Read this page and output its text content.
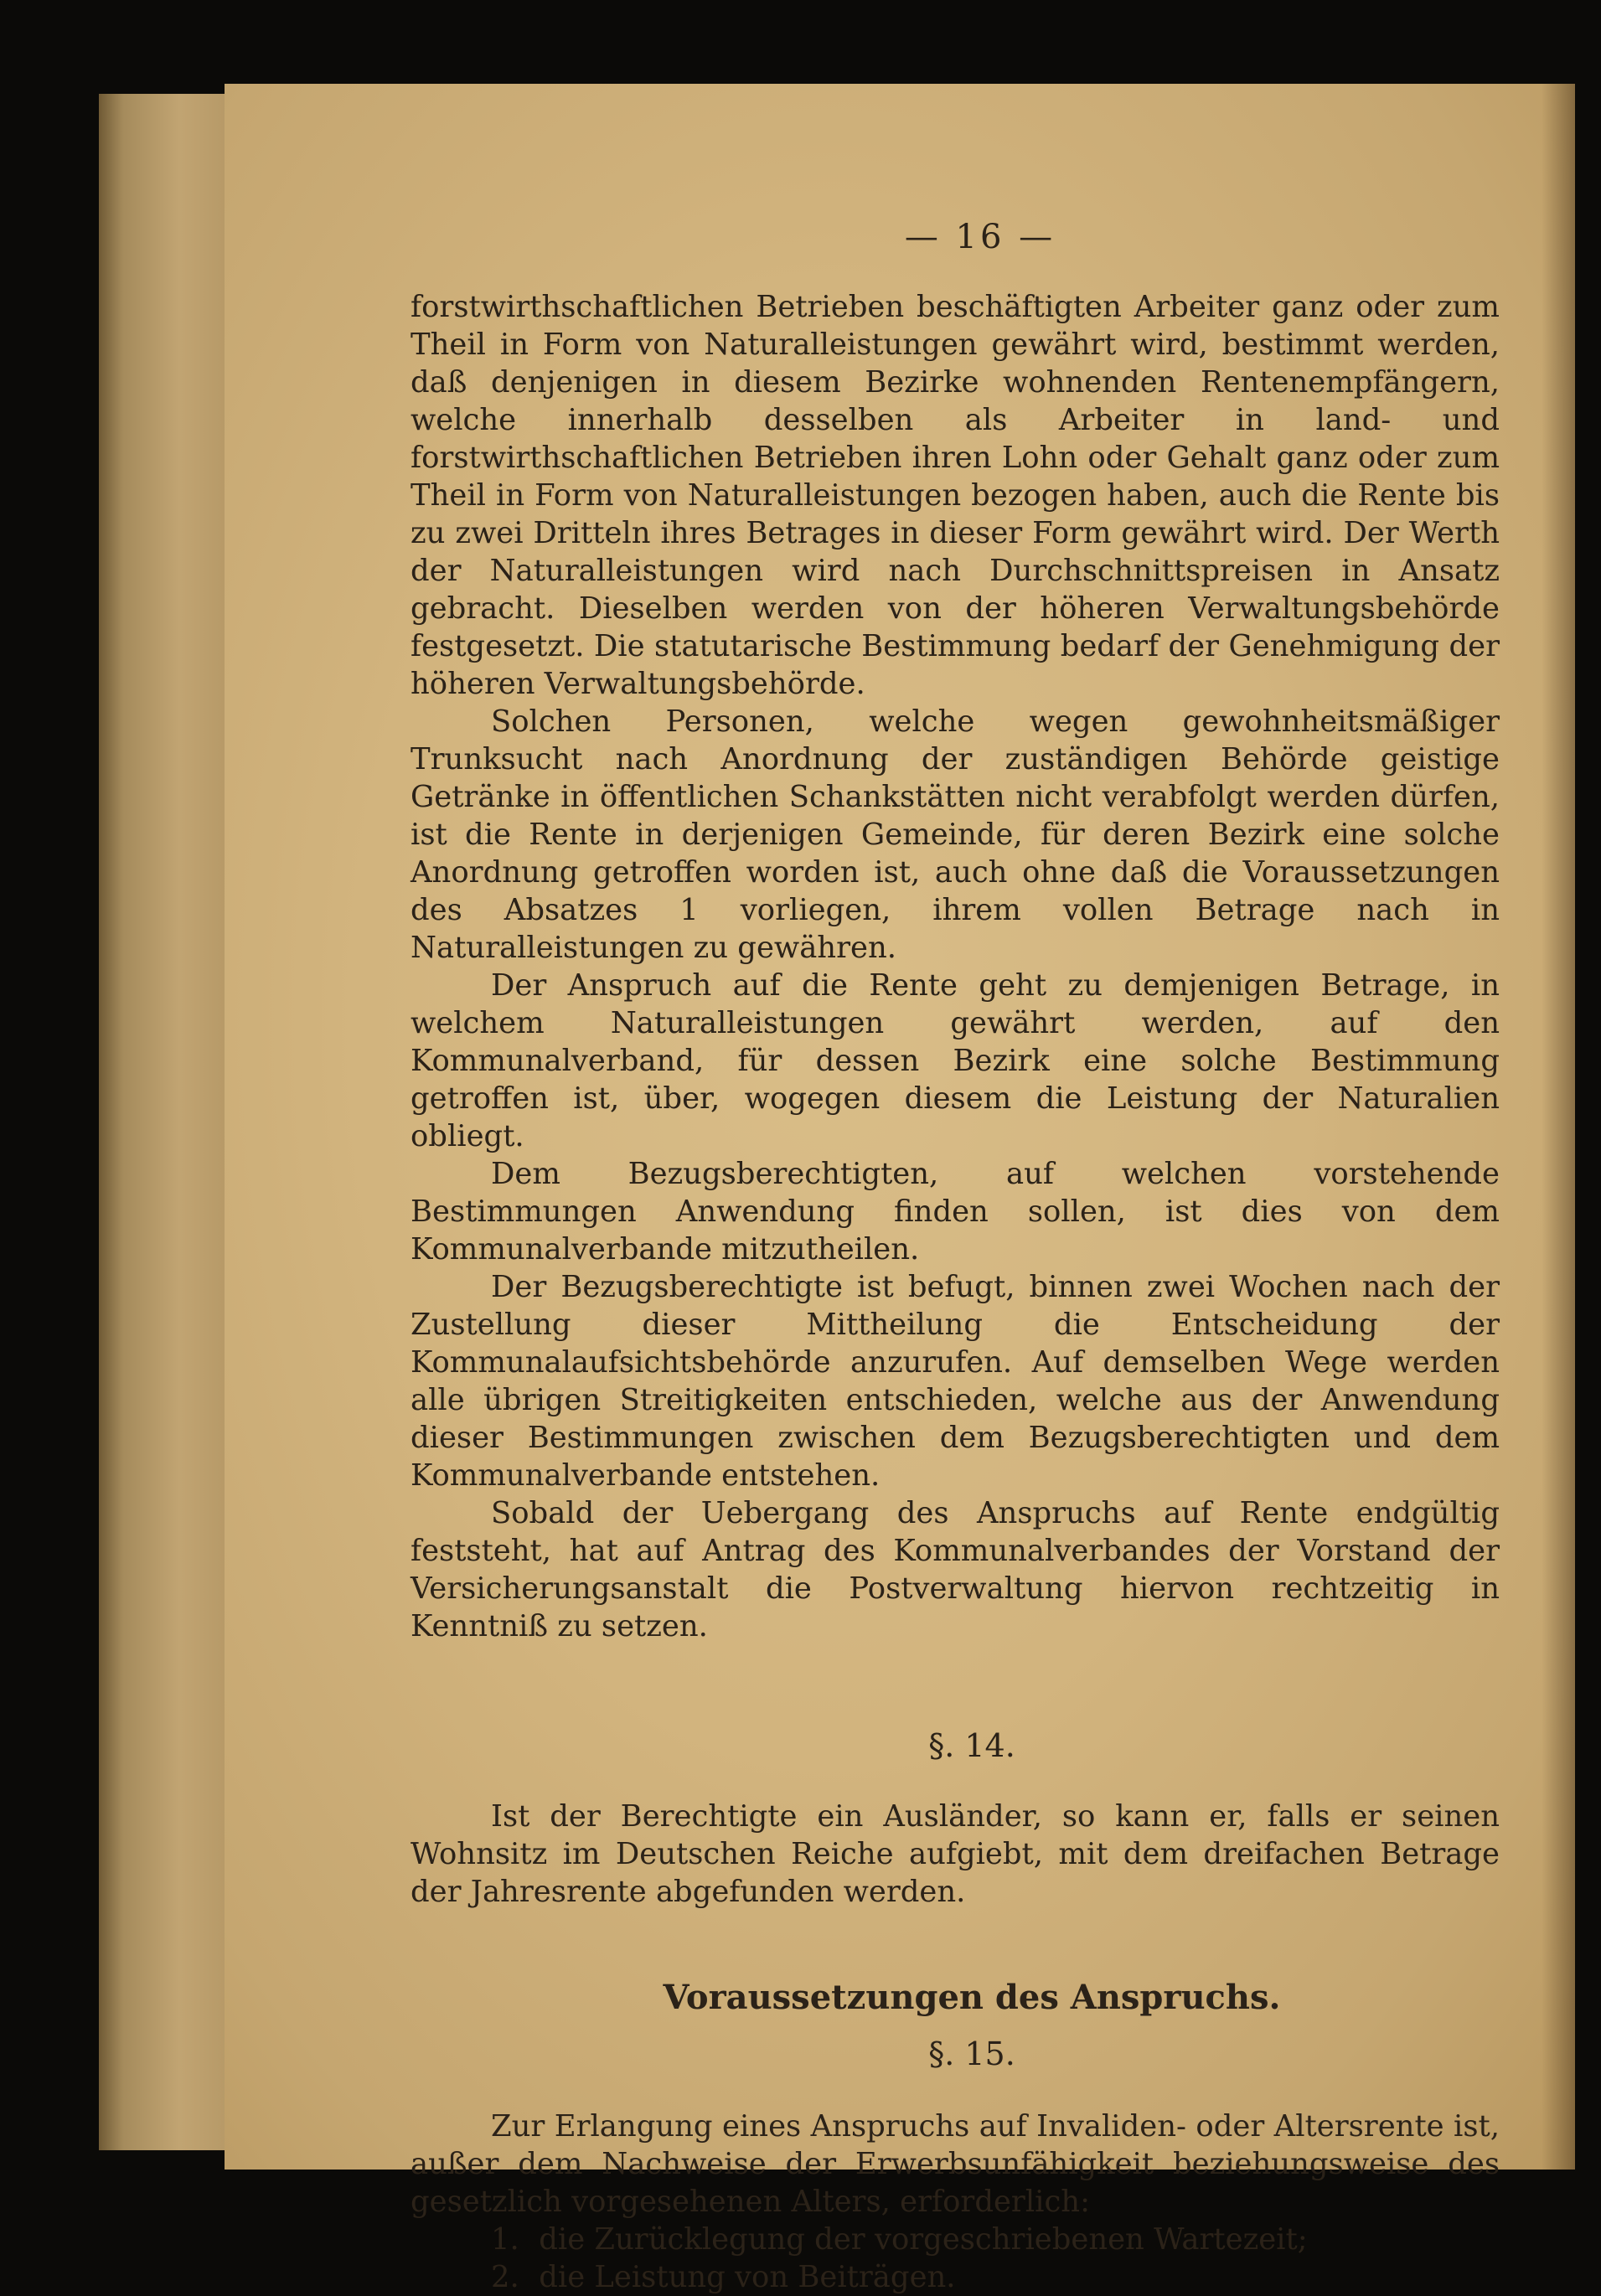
— 16 —

forstwirthschaftlichen Betrieben beschäftigten Arbeiter ganz oder zum Theil in Form von Naturalleistungen gewährt wird, bestimmt werden, daß denjenigen in diesem Bezirke wohnenden Rentenempfängern, welche innerhalb desselben als Arbeiter in land- und forstwirthschaftlichen Betrieben ihren Lohn oder Gehalt ganz oder zum Theil in Form von Naturalleistungen bezogen haben, auch die Rente bis zu zwei Dritteln ihres Betrages in dieser Form gewährt wird. Der Werth der Naturalleistungen wird nach Durchschnittspreisen in Ansatz gebracht. Dieselben werden von der höheren Verwaltungsbehörde festgesetzt. Die statutarische Bestimmung bedarf der Genehmigung der höheren Verwaltungsbehörde.

Solchen Personen, welche wegen gewohnheitsmäßiger Trunksucht nach Anordnung der zuständigen Behörde geistige Getränke in öffentlichen Schankstätten nicht verabfolgt werden dürfen, ist die Rente in derjenigen Gemeinde, für deren Bezirk eine solche Anordnung getroffen worden ist, auch ohne daß die Voraussetzungen des Absatzes 1 vorliegen, ihrem vollen Betrage nach in Naturalleistungen zu gewähren.

Der Anspruch auf die Rente geht zu demjenigen Betrage, in welchem Naturalleistungen gewährt werden, auf den Kommunalverband, für dessen Bezirk eine solche Bestimmung getroffen ist, über, wogegen diesem die Leistung der Naturalien obliegt.

Dem Bezugsberechtigten, auf welchen vorstehende Bestimmungen Anwendung finden sollen, ist dies von dem Kommunalverbande mitzutheilen.

Der Bezugsberechtigte ist befugt, binnen zwei Wochen nach der Zustellung dieser Mittheilung die Entscheidung der Kommunalaufsichtsbehörde anzurufen. Auf demselben Wege werden alle übrigen Streitigkeiten entschieden, welche aus der Anwendung dieser Bestimmungen zwischen dem Bezugsberechtigten und dem Kommunalverbande entstehen.

Sobald der Uebergang des Anspruchs auf Rente endgültig feststeht, hat auf Antrag des Kommunalverbandes der Vorstand der Versicherungsanstalt die Postverwaltung hiervon rechtzeitig in Kenntniß zu setzen.

§. 14.

Ist der Berechtigte ein Ausländer, so kann er, falls er seinen Wohnsitz im Deutschen Reiche aufgiebt, mit dem dreifachen Betrage der Jahresrente abgefunden werden.

Voraussetzungen des Anspruchs.
§. 15.

Zur Erlangung eines Anspruchs auf Invaliden- oder Altersrente ist, außer dem Nachweise der Erwerbsunfähigkeit beziehungsweise des gesetzlich vorgesehenen Alters, erforderlich:

1. die Zurücklegung der vorgeschriebenen Wartezeit;
2. die Leistung von Beiträgen.
